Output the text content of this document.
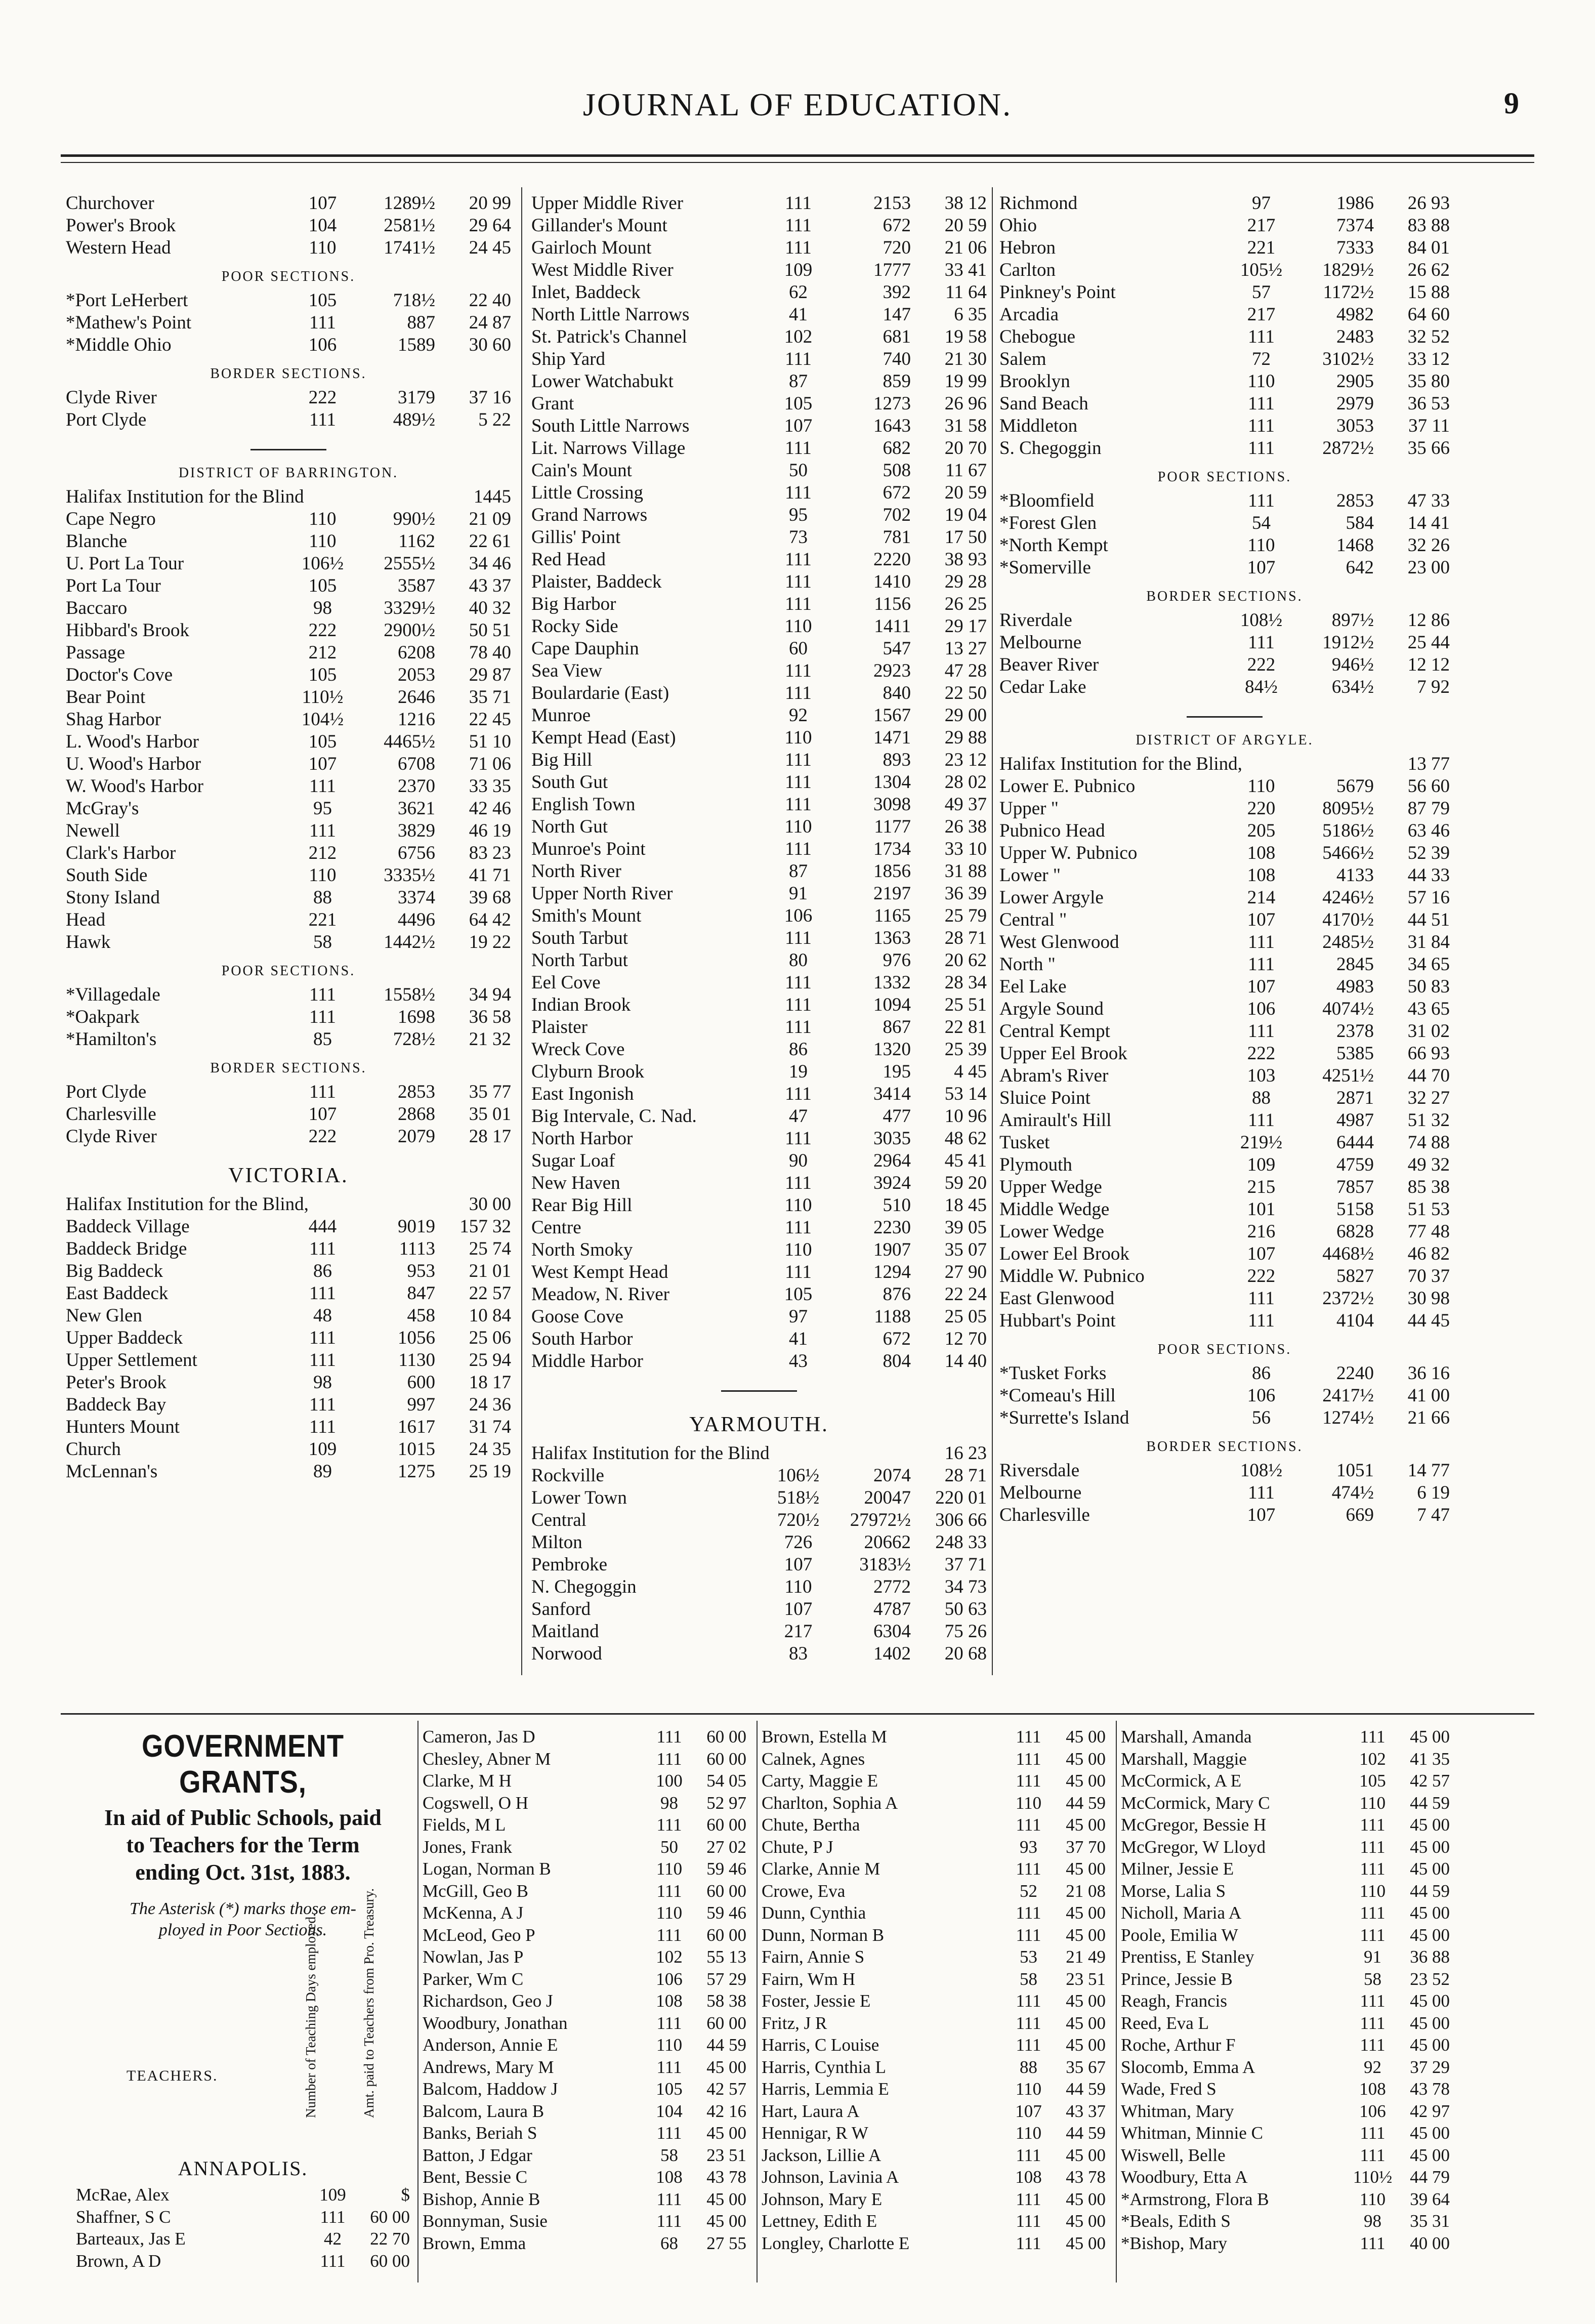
JOURNAL OF EDUCATION.	9
Churchover	107	1289½	20 99
Power's Brook	104	2581½	29 64
Western Head	110	1741½	24 45
POOR SECTIONS.
*Port LeHerbert	105	718½	22 40
*Mathew's Point	111	887	24 87
*Middle Ohio	106	1589	30 60
BORDER SECTIONS.
Clyde River	222	3179	37 16
Port Clyde	111	489½	5 22
DISTRICT OF BARRINGTON.
Halifax Institution for the Blind	1445
Cape Negro	110	990½	21 09
Blanche	110	1162	22 61
U. Port La Tour	106½	2555½	34 46
Port La Tour	105	3587	43 37
Baccaro	98	3329½	40 32
Hibbard's Brook	222	2900½	50 51
Passage	212	6208	78 40
Doctor's Cove	105	2053	29 87
Bear Point	110½	2646	35 71
Shag Harbor	104½	1216	22 45
L. Wood's Harbor	105	4465½	51 10
U. Wood's Harbor	107	6708	71 06
W. Wood's Harbor	111	2370	33 35
McGray's	95	3621	42 46
Newell	111	3829	46 19
Clark's Harbor	212	6756	83 23
South Side	110	3335½	41 71
Stony Island	88	3374	39 68
Head	221	4496	64 42
Hawk	58	1442½	19 22
POOR SECTIONS.
*Villagedale	111	1558½	34 94
*Oakpark	111	1698	36 58
*Hamilton's	85	728½	21 32
BORDER SECTIONS.
Port Clyde	111	2853	35 77
Charlesville	107	2868	35 01
Clyde River	222	2079	28 17
VICTORIA.
Halifax Institution for the Blind,	30 00
Baddeck Village	444	9019	157 32
Baddeck Bridge	111	1113	25 74
Big Baddeck	86	953	21 01
East Baddeck	111	847	22 57
New Glen	48	458	10 84
Upper Baddeck	111	1056	25 06
Upper Settlement	111	1130	25 94
Peter's Brook	98	600	18 17
Baddeck Bay	111	997	24 36
Hunters Mount	111	1617	31 74
Church	109	1015	24 35
McLennan's	89	1275	25 19
Upper Middle River	111	2153	38 12
Gillander's Mount	111	672	20 59
Gairloch Mount	111	720	21 06
West Middle River	109	1777	33 41
Inlet, Baddeck	62	392	11 64
North Little Narrows	41	147	6 35
St. Patrick's Channel	102	681	19 58
Ship Yard	111	740	21 30
Lower Watchabukt	87	859	19 99
Grant	105	1273	26 96
South Little Narrows	107	1643	31 58
Lit. Narrows Village	111	682	20 70
Cain's Mount	50	508	11 67
Little Crossing	111	672	20 59
Grand Narrows	95	702	19 04
Gillis' Point	73	781	17 50
Red Head	111	2220	38 93
Plaister, Baddeck	111	1410	29 28
Big Harbor	111	1156	26 25
Rocky Side	110	1411	29 17
Cape Dauphin	60	547	13 27
Sea View	111	2923	47 28
Boulardarie (East)	111	840	22 50
Munroe	92	1567	29 00
Kempt Head (East)	110	1471	29 88
Big Hill	111	893	23 12
South Gut	111	1304	28 02
English Town	111	3098	49 37
North Gut	110	1177	26 38
Munroe's Point	111	1734	33 10
North River	87	1856	31 88
Upper North River	91	2197	36 39
Smith's Mount	106	1165	25 79
South Tarbut	111	1363	28 71
North Tarbut	80	976	20 62
Eel Cove	111	1332	28 34
Indian Brook	111	1094	25 51
Plaister	111	867	22 81
Wreck Cove	86	1320	25 39
Clyburn Brook	19	195	4 45
East Ingonish	111	3414	53 14
Big Intervale, C. Nad.	47	477	10 96
North Harbor	111	3035	48 62
Sugar Loaf	90	2964	45 41
New Haven	111	3924	59 20
Rear Big Hill	110	510	18 45
Centre	111	2230	39 05
North Smoky	110	1907	35 07
West Kempt Head	111	1294	27 90
Meadow, N. River	105	876	22 24
Goose Cove	97	1188	25 05
South Harbor	41	672	12 70
Middle Harbor	43	804	14 40
YARMOUTH.
Halifax Institution for the Blind	16 23
Rockville	106½	2074	28 71
Lower Town	518½	20047	220 01
Central	720½	27972½	306 66
Milton	726	20662	248 33
Pembroke	107	3183½	37 71
N. Chegoggin	110	2772	34 73
Sanford	107	4787	50 63
Maitland	217	6304	75 26
Norwood	83	1402	20 68
Richmond	97	1986	26 93
Ohio	217	7374	83 88
Hebron	221	7333	84 01
Carlton	105½	1829½	26 62
Pinkney's Point	57	1172½	15 88
Arcadia	217	4982	64 60
Chebogue	111	2483	32 52
Salem	72	3102½	33 12
Brooklyn	110	2905	35 80
Sand Beach	111	2979	36 53
Middleton	111	3053	37 11
S. Chegoggin	111	2872½	35 66
POOR SECTIONS.
*Bloomfield	111	2853	47 33
*Forest Glen	54	584	14 41
*North Kempt	110	1468	32 26
*Somerville	107	642	23 00
BORDER SECTIONS.
Riverdale	108½	897½	12 86
Melbourne	111	1912½	25 44
Beaver River	222	946½	12 12
Cedar Lake	84½	634½	7 92
DISTRICT OF ARGYLE.
Halifax Institution for the Blind,	13 77
Lower E. Pubnico	110	5679	56 60
Upper "	220	8095½	87 79
Pubnico Head	205	5186½	63 46
Upper W. Pubnico	108	5466½	52 39
Lower "	108	4133	44 33
Lower Argyle	214	4246½	57 16
Central "	107	4170½	44 51
West Glenwood	111	2485½	31 84
North "	111	2845	34 65
Eel Lake	107	4983	50 83
Argyle Sound	106	4074½	43 65
Central Kempt	111	2378	31 02
Upper Eel Brook	222	5385	66 93
Abram's River	103	4251½	44 70
Sluice Point	88	2871	32 27
Amirault's Hill	111	4987	51 32
Tusket	219½	6444	74 88
Plymouth	109	4759	49 32
Upper Wedge	215	7857	85 38
Middle Wedge	101	5158	51 53
Lower Wedge	216	6828	77 48
Lower Eel Brook	107	4468½	46 82
Middle W. Pubnico	222	5827	70 37
East Glenwood	111	2372½	30 98
Hubbart's Point	111	4104	44 45
POOR SECTIONS.
*Tusket Forks	86	2240	36 16
*Comeau's Hill	106	2417½	41 00
*Surrette's Island	56	1274½	21 66
BORDER SECTIONS.
Riversdale	108½	1051	14 77
Melbourne	111	474½	6 19
Charlesville	107	669	7 47
GOVERNMENT GRANTS,
In aid of Public Schools, paid
to Teachers for the Term
ending Oct. 31st, 1883.
The Asterisk (*) marks those em-
ployed in Poor Sections.
TEACHERS.	Number of Teaching Days employed.	Amt. paid to Teachers from Pro. Treasury.
ANNAPOLIS.
McRae, Alex	109	$
Shaffner, S C	111	60 00
Barteaux, Jas E	42	22 70
Brown, A D	111	60 00
Cameron, Jas D	111	60 00
Chesley, Abner M	111	60 00
Clarke, M H	100	54 05
Cogswell, O H	98	52 97
Fields, M L	111	60 00
Jones, Frank	50	27 02
Logan, Norman B	110	59 46
McGill, Geo B	111	60 00
McKenna, A J	110	59 46
McLeod, Geo P	111	60 00
Nowlan, Jas P	102	55 13
Parker, Wm C	106	57 29
Richardson, Geo J	108	58 38
Woodbury, Jonathan	111	60 00
Anderson, Annie E	110	44 59
Andrews, Mary M	111	45 00
Balcom, Haddow J	105	42 57
Balcom, Laura B	104	42 16
Banks, Beriah S	111	45 00
Batton, J Edgar	58	23 51
Bent, Bessie C	108	43 78
Bishop, Annie B	111	45 00
Bonnyman, Susie	111	45 00
Brown, Emma	68	27 55
Brown, Estella M	111	45 00
Calnek, Agnes	111	45 00
Carty, Maggie E	111	45 00
Charlton, Sophia A	110	44 59
Chute, Bertha	111	45 00
Chute, P J	93	37 70
Clarke, Annie M	111	45 00
Crowe, Eva	52	21 08
Dunn, Cynthia	111	45 00
Dunn, Norman B	111	45 00
Fairn, Annie S	53	21 49
Fairn, Wm H	58	23 51
Foster, Jessie E	111	45 00
Fritz, J R	111	45 00
Harris, C Louise	111	45 00
Harris, Cynthia L	88	35 67
Harris, Lemmia E	110	44 59
Hart, Laura A	107	43 37
Hennigar, R W	110	44 59
Jackson, Lillie A	111	45 00
Johnson, Lavinia A	108	43 78
Johnson, Mary E	111	45 00
Lettney, Edith E	111	45 00
Longley, Charlotte E	111	45 00
Marshall, Amanda	111	45 00
Marshall, Maggie	102	41 35
McCormick, A E	105	42 57
McCormick, Mary C	110	44 59
McGregor, Bessie H	111	45 00
McGregor, W Lloyd	111	45 00
Milner, Jessie E	111	45 00
Morse, Lalia S	110	44 59
Nicholl, Maria A	111	45 00
Poole, Emilia W	111	45 00
Prentiss, E Stanley	91	36 88
Prince, Jessie B	58	23 52
Reagh, Francis	111	45 00
Reed, Eva L	111	45 00
Roche, Arthur F	111	45 00
Slocomb, Emma A	92	37 29
Wade, Fred S	108	43 78
Whitman, Mary	106	42 97
Whitman, Minnie C	111	45 00
Wiswell, Belle	111	45 00
Woodbury, Etta A	110½	44 79
*Armstrong, Flora B	110	39 64
*Beals, Edith S	98	35 31
*Bishop, Mary	111	40 00
